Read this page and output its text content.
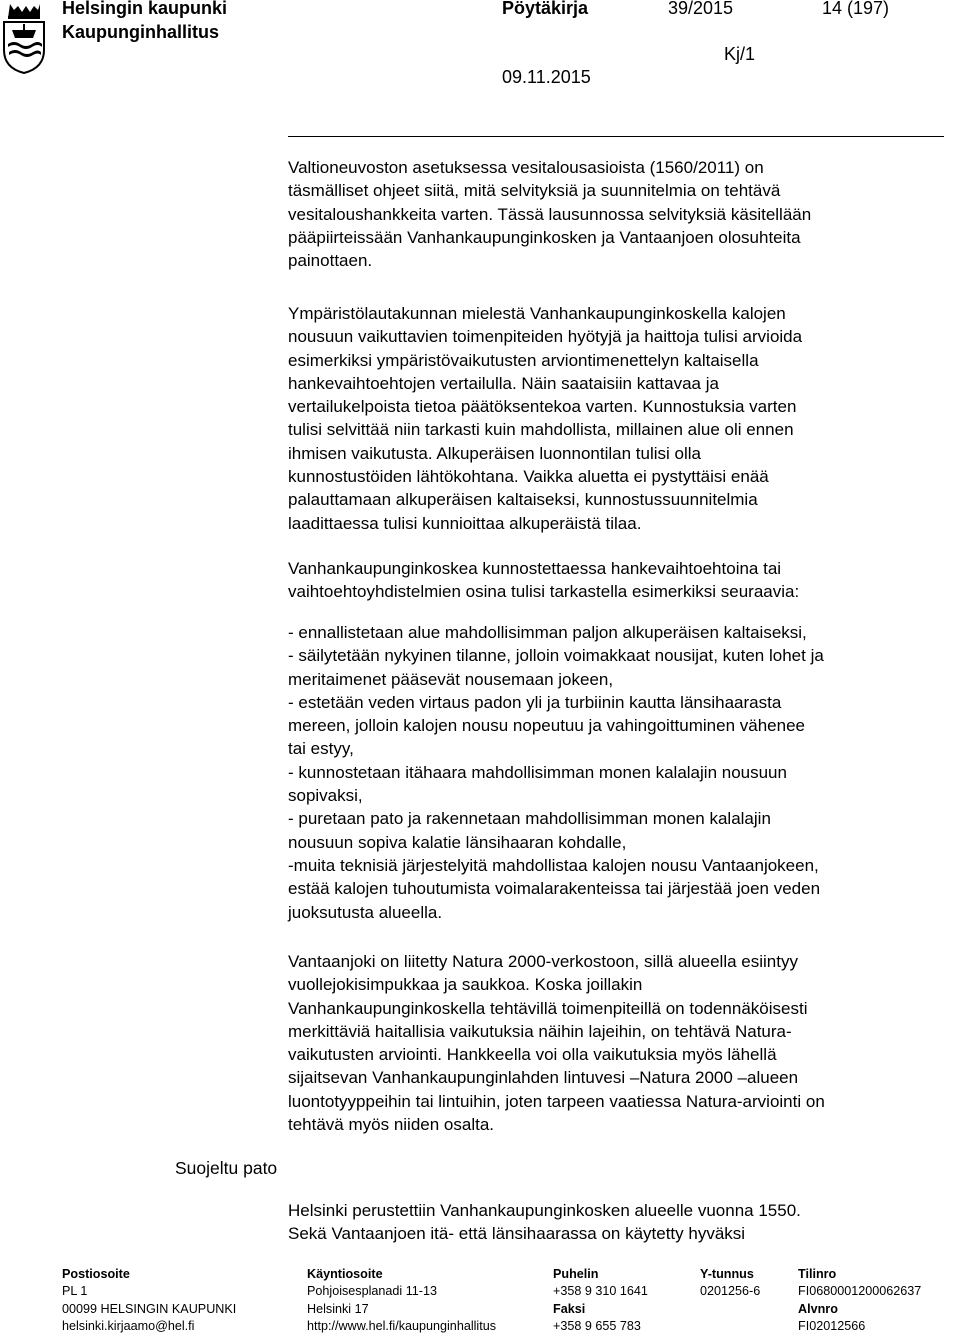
Helsingin kaupunki
Kaupunginhallitus
Pöytäkirja	39/2015	14 (197)
Kj/1
09.11.2015

Valtioneuvoston asetuksessa vesitalousasioista (1560/2011) on
täsmälliset ohjeet siitä, mitä selvityksiä ja suunnitelmia on tehtävä
vesitaloushankkeita varten. Tässä lausunnossa selvityksiä käsitellään
pääpiirteissään Vanhankaupunginkosken ja Vantaanjoen olosuhteita
painottaen.

Ympäristölautakunnan mielestä Vanhankaupunginkoskella kalojen
nousuun vaikuttavien toimenpiteiden hyötyjä ja haittoja tulisi arvioida
esimerkiksi ympäristövaikutusten arviontimenettelyn kaltaisella
hankevaihtoehtojen vertailulla. Näin saataisiin kattavaa ja
vertailukelpoista tietoa päätöksentekoa varten. Kunnostuksia varten
tulisi selvittää niin tarkasti kuin mahdollista, millainen alue oli ennen
ihmisen vaikutusta. Alkuperäisen luonnontilan tulisi olla
kunnostustöiden lähtökohtana. Vaikka aluetta ei pystyttäisi enää
palauttamaan alkuperäisen kaltaiseksi, kunnostussuunnitelmia
laadittaessa tulisi kunnioittaa alkuperäistä tilaa.

Vanhankaupunginkoskea kunnostettaessa hankevaihtoehtoina tai
vaihtoehtoyhdistelmien osina tulisi tarkastella esimerkiksi seuraavia:

- ennallistetaan alue mahdollisimman paljon alkuperäisen kaltaiseksi,
- säilytetään nykyinen tilanne, jolloin voimakkaat nousijat, kuten lohet ja
meritaimenet pääsevät nousemaan jokeen,
- estetään veden virtaus padon yli ja turbiinin kautta länsihaarasta
mereen, jolloin kalojen nousu nopeutuu ja vahingoittuminen vähenee
tai estyy,
- kunnostetaan itähaara mahdollisimman monen kalalajin nousuun
sopivaksi,
- puretaan pato ja rakennetaan mahdollisimman monen kalalajin
nousuun sopiva kalatie länsihaaran kohdalle,
-muita teknisiä järjestelyitä mahdollistaa kalojen nousu Vantaanjokeen,
estää kalojen tuhoutumista voimalarakenteissa tai järjestää joen veden
juoksutusta alueella.

Vantaanjoki on liitetty Natura 2000-verkostoon, sillä alueella esiintyy
vuollejokisimpukkaa ja saukkoa. Koska joillakin
Vanhankaupunginkoskella tehtävillä toimenpiteillä on todennäköisesti
merkittäviä haitallisia vaikutuksia näihin lajeihin, on tehtävä Natura-
vaikutusten arviointi. Hankkeella voi olla vaikutuksia myös lähellä
sijaitsevan Vanhankaupunginlahden lintuvesi –Natura 2000 –alueen
luontotyyppeihin tai lintuihin, joten tarpeen vaatiessa Natura-arviointi on
tehtävä myös niiden osalta.

Helsinki perustettiin Vanhankaupunginkosken alueelle vuonna 1550.
Sekä Vantaanjoen itä- että länsihaarassa on käytetty hyväksi

Suojeltu pato
Postiosoite
PL 1
00099 HELSINGIN KAUPUNKI
helsinki.kirjaamo@hel.fi
Käyntiosoite
Pohjoisesplanadi 11-13
Helsinki 17
http://www.hel.fi/kaupunginhallitus
Puhelin
+358 9 310 1641
Faksi
+358 9 655 783
Y-tunnus
0201256-6
Tilinro
FI0680001200062637
Alvnro
FI02012566
